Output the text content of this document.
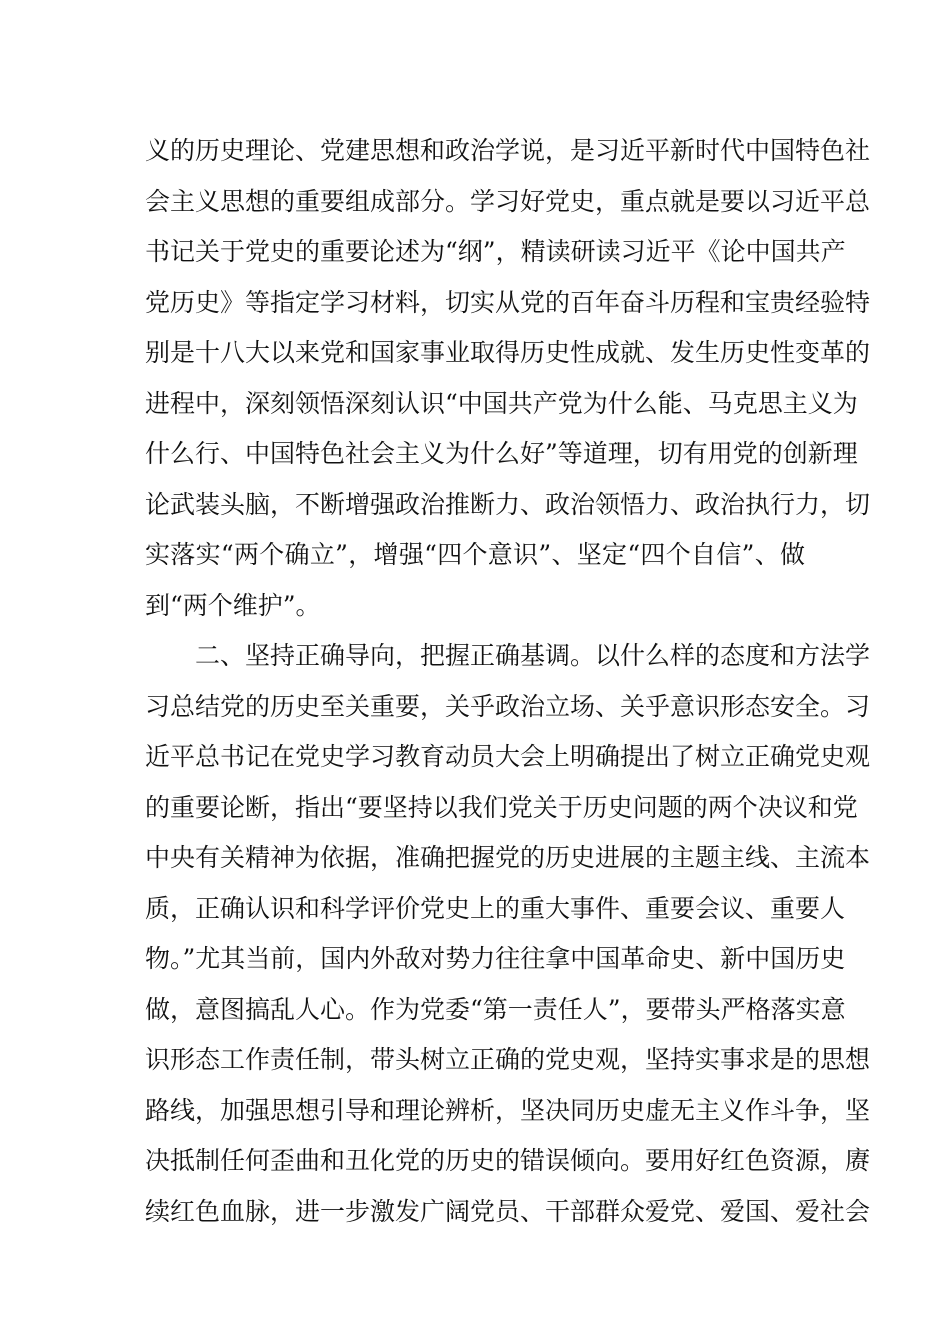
义的历史理论、党建思想和政治学说，是习近平新时代中国特色社
会主义思想的重要组成部分。学习好党史，重点就是要以习近平总
书记关于党史的重要论述为“纲”，精读研读习近平《论中国共产
党历史》等指定学习材料，切实从党的百年奋斗历程和宝贵经验特
别是十八大以来党和国家事业取得历史性成就、发生历史性变革的
进程中，深刻领悟深刻认识“中国共产党为什么能、马克思主义为
什么行、中国特色社会主义为什么好”等道理，切有用党的创新理
论武装头脑，不断增强政治推断力、政治领悟力、政治执行力，切
实落实“两个确立”，增强“四个意识”、坚定“四个自信”、做
到“两个维护”。
二、坚持正确导向，把握正确基调。以什么样的态度和方法学
习总结党的历史至关重要，关乎政治立场、关乎意识形态安全。习
近平总书记在党史学习教育动员大会上明确提出了树立正确党史观
的重要论断，指出“要坚持以我们党关于历史问题的两个决议和党
中央有关精神为依据，准确把握党的历史进展的主题主线、主流本
质，正确认识和科学评价党史上的重大事件、重要会议、重要人
物。”尤其当前，国内外敌对势力往往拿中国革命史、新中国历史
做，意图搞乱人心。作为党委“第一责任人”，要带头严格落实意
识形态工作责任制，带头树立正确的党史观，坚持实事求是的思想
路线，加强思想引导和理论辨析，坚决同历史虚无主义作斗争，坚
决抵制任何歪曲和丑化党的历史的错误倾向。要用好红色资源，赓
续红色血脉，进一步激发广阔党员、干部群众爱党、爱国、爱社会
